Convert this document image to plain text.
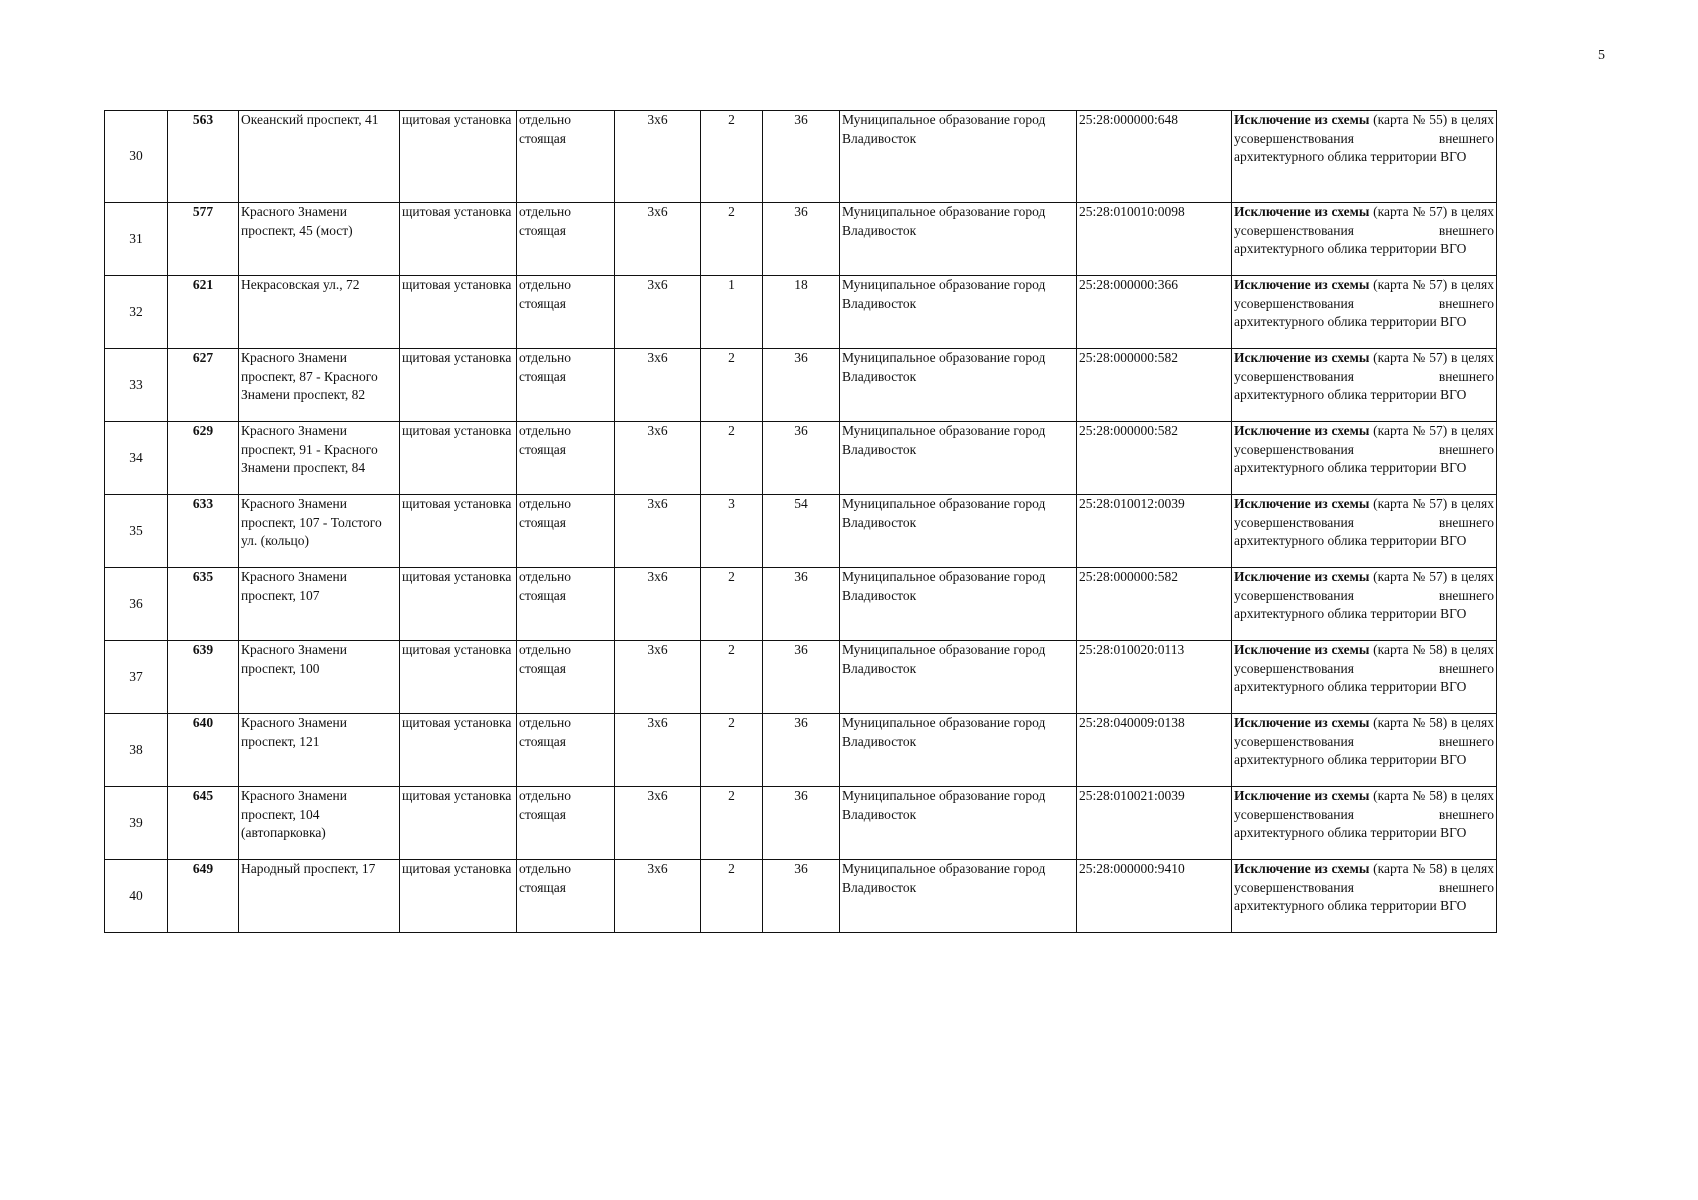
5
30	563	Океанский проспект, 41	щитовая установка	отдельно стоящая	3х6	2	36	Муниципальное образование город Владивосток	25:28:000000:648	Исключение из схемы (карта № 55) в целях усовершенствования внешнего архитектурного облика территории ВГО
31	577	Красного Знамени проспект, 45 (мост)	щитовая установка	отдельно стоящая	3х6	2	36	Муниципальное образование город Владивосток	25:28:010010:0098	Исключение из схемы (карта № 57) в целях усовершенствования внешнего архитектурного облика территории ВГО
32	621	Некрасовская ул., 72	щитовая установка	отдельно стоящая	3х6	1	18	Муниципальное образование город Владивосток	25:28:000000:366	Исключение из схемы (карта № 57) в целях усовершенствования внешнего архитектурного облика территории ВГО
33	627	Красного Знамени проспект, 87 - Красного Знамени проспект, 82	щитовая установка	отдельно стоящая	3х6	2	36	Муниципальное образование город Владивосток	25:28:000000:582	Исключение из схемы (карта № 57) в целях усовершенствования внешнего архитектурного облика территории ВГО
34	629	Красного Знамени проспект, 91 - Красного Знамени проспект, 84	щитовая установка	отдельно стоящая	3х6	2	36	Муниципальное образование город Владивосток	25:28:000000:582	Исключение из схемы (карта № 57) в целях усовершенствования внешнего архитектурного облика территории ВГО
35	633	Красного Знамени проспект, 107 - Толстого ул. (кольцо)	щитовая установка	отдельно стоящая	3х6	3	54	Муниципальное образование город Владивосток	25:28:010012:0039	Исключение из схемы (карта № 57) в целях усовершенствования внешнего архитектурного облика территории ВГО
36	635	Красного Знамени проспект, 107	щитовая установка	отдельно стоящая	3х6	2	36	Муниципальное образование город Владивосток	25:28:000000:582	Исключение из схемы (карта № 57) в целях усовершенствования внешнего архитектурного облика территории ВГО
37	639	Красного Знамени проспект, 100	щитовая установка	отдельно стоящая	3х6	2	36	Муниципальное образование город Владивосток	25:28:010020:0113	Исключение из схемы (карта № 58) в целях усовершенствования внешнего архитектурного облика территории ВГО
38	640	Красного Знамени проспект, 121	щитовая установка	отдельно стоящая	3х6	2	36	Муниципальное образование город Владивосток	25:28:040009:0138	Исключение из схемы (карта № 58) в целях усовершенствования внешнего архитектурного облика территории ВГО
39	645	Красного Знамени проспект, 104 (автопарковка)	щитовая установка	отдельно стоящая	3х6	2	36	Муниципальное образование город Владивосток	25:28:010021:0039	Исключение из схемы (карта № 58) в целях усовершенствования внешнего архитектурного облика территории ВГО
40	649	Народный проспект, 17	щитовая установка	отдельно стоящая	3х6	2	36	Муниципальное образование город Владивосток	25:28:000000:9410	Исключение из схемы (карта № 58) в целях усовершенствования внешнего архитектурного облика территории ВГО
